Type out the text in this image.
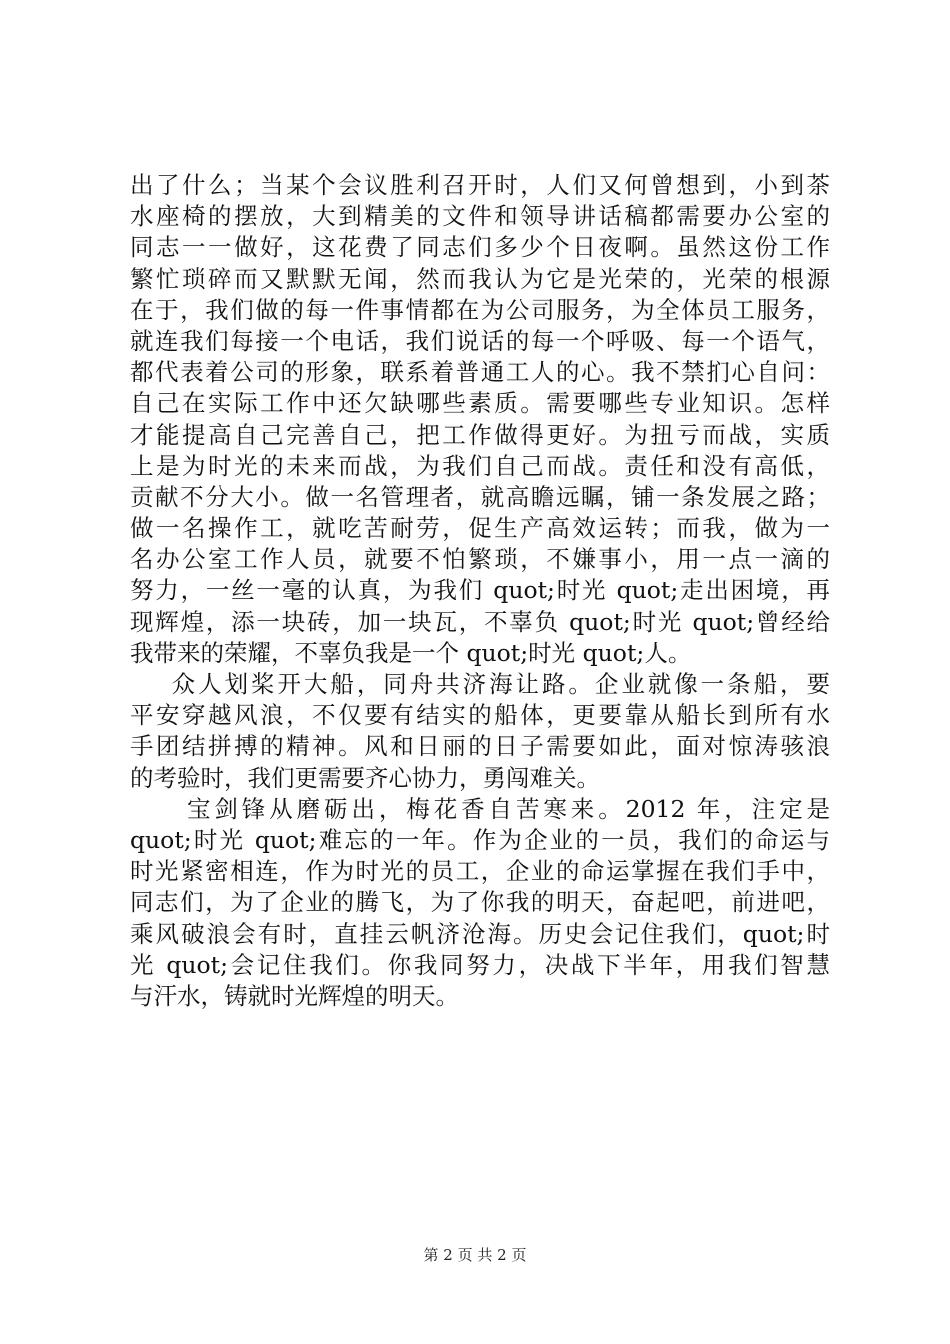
出了什么；当某个会议胜利召开时，人们又何曾想到，小到茶
水座椅的摆放，大到精美的文件和领导讲话稿都需要办公室的
同志一一做好，这花费了同志们多少个日夜啊。虽然这份工作
繁忙琐碎而又默默无闻，然而我认为它是光荣的，光荣的根源
在于，我们做的每一件事情都在为公司服务，为全体员工服务，
就连我们每接一个电话，我们说话的每一个呼吸、每一个语气，
都代表着公司的形象，联系着普通工人的心。我不禁扪心自问：
自己在实际工作中还欠缺哪些素质。需要哪些专业知识。怎样
才能提高自己完善自己，把工作做得更好。为扭亏而战，实质
上是为时光的未来而战，为我们自己而战。责任和没有高低，
贡献不分大小。做一名管理者，就高瞻远瞩，铺一条发展之路；
做一名操作工，就吃苦耐劳，促生产高效运转；而我，做为一
名办公室工作人员，就要不怕繁琐，不嫌事小，用一点一滴的
努力，一丝一毫的认真，为我们 quot;时光 quot;走出困境，再
现辉煌，添一块砖，加一块瓦，不辜负 quot;时光 quot;曾经给
我带来的荣耀，不辜负我是一个 quot;时光 quot;人。
众人划桨开大船，同舟共济海让路。企业就像一条船，要
平安穿越风浪，不仅要有结实的船体，更要靠从船长到所有水
手团结拼搏的精神。风和日丽的日子需要如此，面对惊涛骇浪
的考验时，我们更需要齐心协力，勇闯难关。
宝剑锋从磨砺出，梅花香自苦寒来。2012 年，注定是
quot;时光 quot;难忘的一年。作为企业的一员，我们的命运与
时光紧密相连，作为时光的员工，企业的命运掌握在我们手中，
同志们，为了企业的腾飞，为了你我的明天，奋起吧，前进吧，
乘风破浪会有时，直挂云帆济沧海。历史会记住我们，quot;时
光 quot;会记住我们。你我同努力，决战下半年，用我们智慧
与汗水，铸就时光辉煌的明天。
第 2 页 共 2 页
